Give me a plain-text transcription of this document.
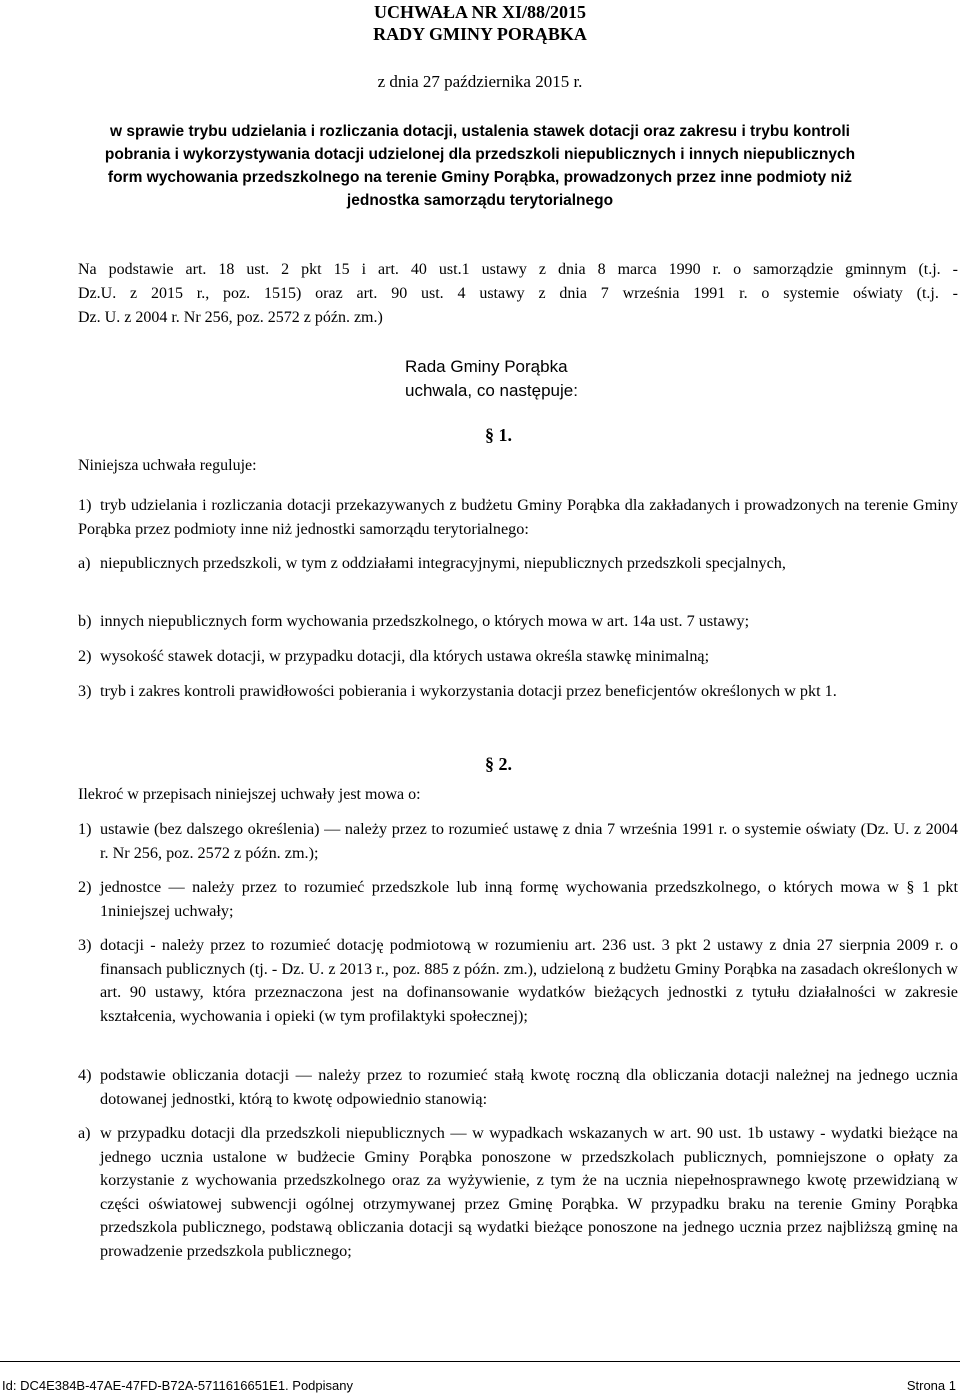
UCHWAŁA NR XI/88/2015
RADY GMINY PORĄBKA
z dnia 27 października 2015 r.
w sprawie trybu udzielania i rozliczania dotacji, ustalenia stawek dotacji oraz zakresu i trybu kontroli
pobrania i wykorzystywania dotacji udzielonej dla przedszkoli niepublicznych i innych niepublicznych
form wychowania przedszkolnego na terenie Gminy Porąbka, prowadzonych przez inne podmioty niż
jednostka samorządu terytorialnego
Na podstawie art. 18 ust. 2 pkt 15 i art. 40 ust.1 ustawy z dnia 8 marca 1990 r. o samorządzie gminnym (t.j. -
Dz.U. z 2015 r., poz. 1515) oraz art. 90 ust. 4 ustawy z dnia 7 września 1991 r. o systemie oświaty (t.j. -
Dz. U. z 2004 r. Nr 256, poz. 2572 z późn. zm.)
Rada Gminy Porąbka
uchwala, co następuje:
§ 1.
Niniejsza uchwała reguluje:
1) tryb udzielania i rozliczania dotacji przekazywanych z budżetu Gminy Porąbka dla zakładanych i prowadzonych na terenie Gminy Porąbka przez podmioty inne niż jednostki samorządu terytorialnego:
a) niepublicznych przedszkoli, w tym z oddziałami integracyjnymi, niepublicznych przedszkoli specjalnych,
b) innych niepublicznych form wychowania przedszkolnego, o których mowa w art. 14a ust. 7 ustawy;
2) wysokość stawek dotacji, w przypadku dotacji, dla których ustawa określa stawkę minimalną;
3) tryb i zakres kontroli prawidłowości pobierania i wykorzystania dotacji przez beneficjentów określonych w pkt 1.
§ 2.
Ilekroć w przepisach niniejszej uchwały jest mowa o:
1) ustawie (bez dalszego określenia) — należy przez to rozumieć ustawę z dnia 7 września 1991 r. o systemie oświaty (Dz. U. z 2004 r. Nr 256, poz. 2572 z późn. zm.);
2) jednostce — należy przez to rozumieć przedszkole lub inną formę wychowania przedszkolnego, o których mowa w § 1 pkt 1niniejszej uchwały;
3) dotacji - należy przez to rozumieć dotację podmiotową w rozumieniu art. 236 ust. 3 pkt 2 ustawy z dnia 27 sierpnia 2009 r. o finansach publicznych (tj. - Dz. U. z 2013 r., poz. 885 z późn. zm.), udzieloną z budżetu Gminy Porąbka na zasadach określonych w art. 90 ustawy, która przeznaczona jest na dofinansowanie wydatków bieżących jednostki z tytułu działalności w zakresie kształcenia, wychowania i opieki (w tym profilaktyki społecznej);
4) podstawie obliczania dotacji — należy przez to rozumieć stałą kwotę roczną dla obliczania dotacji należnej na jednego ucznia dotowanej jednostki, którą to kwotę odpowiednio stanowią:
a) w przypadku dotacji dla przedszkoli niepublicznych — w wypadkach wskazanych w art. 90 ust. 1b ustawy - wydatki bieżące na jednego ucznia ustalone w budżecie Gminy Porąbka ponoszone w przedszkolach publicznych, pomniejszone o opłaty za korzystanie z wychowania przedszkolnego oraz za wyżywienie, z tym że na ucznia niepełnosprawnego kwotę przewidzianą w części oświatowej subwencji ogólnej otrzymywanej przez Gminę Porąbka. W przypadku braku na terenie Gminy Porąbka przedszkola publicznego, podstawą obliczania dotacji są wydatki bieżące ponoszone na jednego ucznia przez najbliższą gminę na prowadzenie przedszkola publicznego;
Id: DC4E384B-47AE-47FD-B72A-5711616651E1. Podpisany	Strona 1
